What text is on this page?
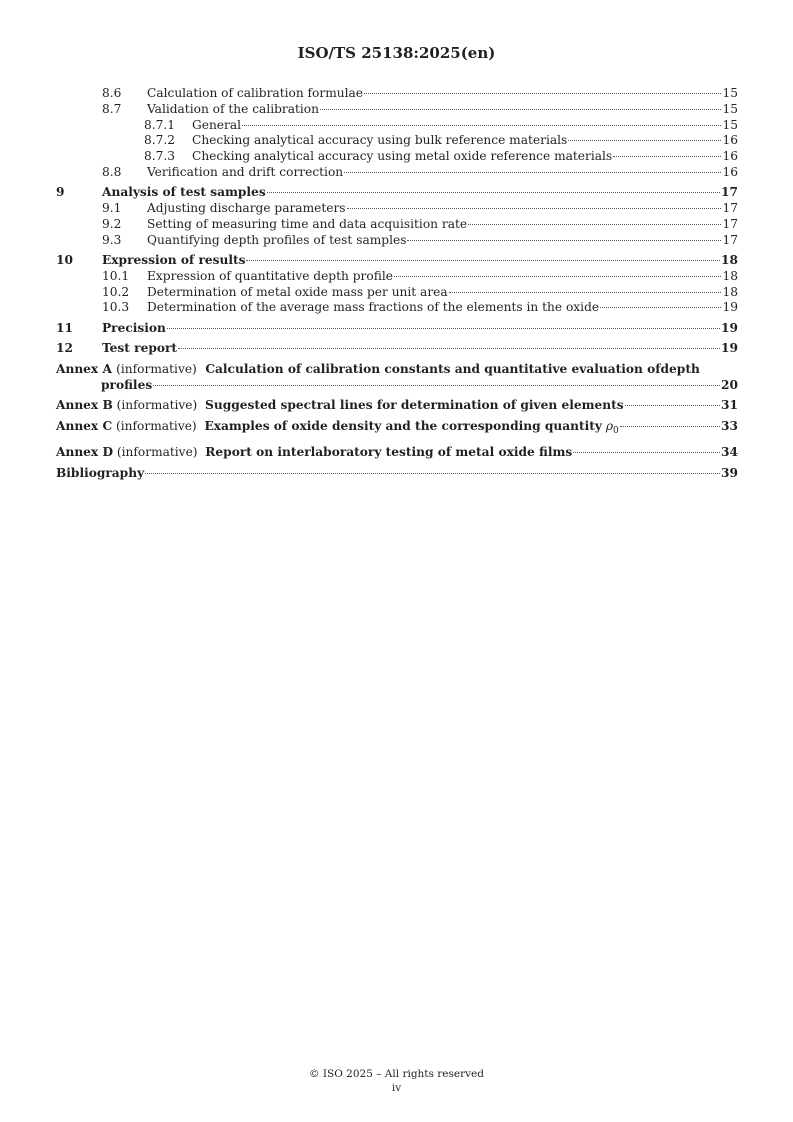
ISO/TS 25138:2025(en)
8.6	Calculation of calibration formulae	15
8.7	Validation of the calibration	15
8.7.1	General	15
8.7.2	Checking analytical accuracy using bulk reference materials	16
8.7.3	Checking analytical accuracy using metal oxide reference materials	16
8.8	Verification and drift correction	16
9	Analysis of test samples	17
9.1	Adjusting discharge parameters	17
9.2	Setting of measuring time and data acquisition rate	17
9.3	Quantifying depth profiles of test samples	17
10	Expression of results	18
10.1	Expression of quantitative depth profile	18
10.2	Determination of metal oxide mass per unit area	18
10.3	Determination of the average mass fractions of the elements in the oxide	19
11	Precision	19
12	Test report	19
Annex A (informative) Calculation of calibration constants and quantitative evaluation ofdepth
profiles	20
Annex B (informative) Suggested spectral lines for determination of given elements	31
Annex C (informative) Examples of oxide density and the corresponding quantity $\rho_0$	33
Annex D (informative) Report on interlaboratory testing of metal oxide films	34
Bibliography	39
© ISO 2025 – All rights reserved
iv
